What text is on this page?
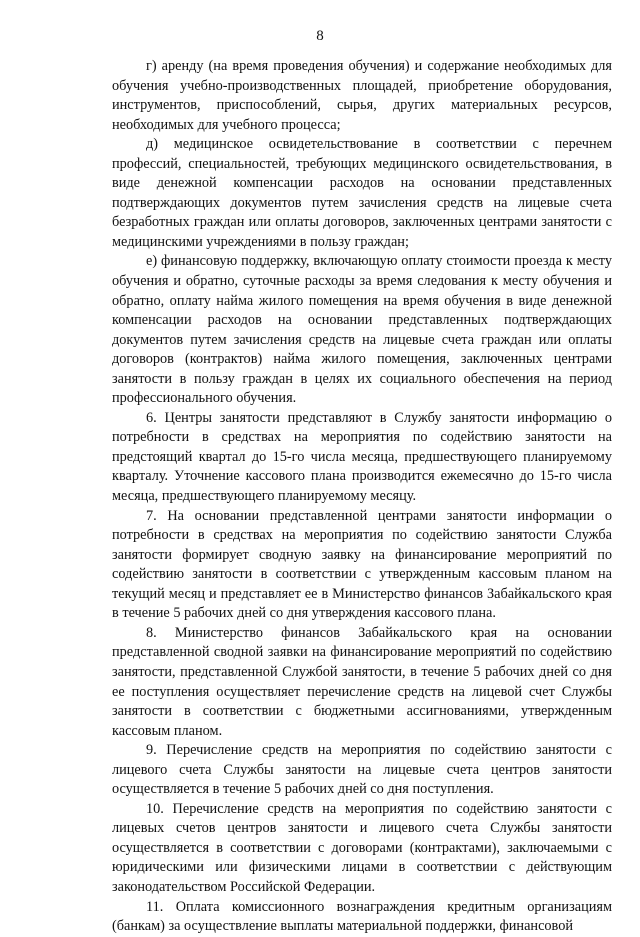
8

г) аренду (на время проведения обучения) и содержание необходимых для обучения учебно-производственных площадей, приобретение оборудования, инструментов, приспособлений, сырья, других материальных ресурсов, необходимых для учебного процесса;

д) медицинское освидетельствование в соответствии с перечнем профессий, специальностей, требующих медицинского освидетельствования, в виде денежной компенсации расходов на основании представленных подтверждающих документов путем зачисления средств на лицевые счета безработных граждан или оплаты договоров, заключенных центрами занятости с медицинскими учреждениями в пользу граждан;

е) финансовую поддержку, включающую оплату стоимости проезда к месту обучения и обратно, суточные расходы за время следования к месту обучения и обратно, оплату найма жилого помещения на время обучения в виде денежной компенсации расходов на основании представленных подтверждающих документов путем зачисления средств на лицевые счета граждан или оплаты договоров (контрактов) найма жилого помещения, заключенных центрами занятости в пользу граждан в целях их социального обеспечения на период профессионального обучения.

6. Центры занятости представляют в Службу занятости информацию о потребности в средствах на мероприятия по содействию занятости на предстоящий квартал до 15-го числа месяца, предшествующего планируемому кварталу. Уточнение кассового плана производится ежемесячно до 15-го числа месяца, предшествующего планируемому месяцу.

7. На основании представленной центрами занятости информации о потребности в средствах на мероприятия по содействию занятости Служба занятости формирует сводную заявку на финансирование мероприятий по содействию занятости в соответствии с утвержденным кассовым планом на текущий месяц и представляет ее в Министерство финансов Забайкальского края в течение 5 рабочих дней со дня утверждения кассового плана.

8. Министерство финансов Забайкальского края на основании представленной сводной заявки на финансирование мероприятий по содействию занятости, представленной Службой занятости, в течение 5 рабочих дней со дня ее поступления осуществляет перечисление средств на лицевой счет Службы занятости в соответствии с бюджетными ассигнованиями, утвержденным кассовым планом.

9. Перечисление средств на мероприятия по содействию занятости с лицевого счета Службы занятости на лицевые счета центров занятости осуществляется в течение 5 рабочих дней со дня поступления.

10. Перечисление средств на мероприятия по содействию занятости с лицевых счетов центров занятости и лицевого счета Службы занятости осуществляется в соответствии с договорами (контрактами), заключаемыми с юридическими или физическими лицами в соответствии с действующим законодательством Российской Федерации.

11. Оплата комиссионного вознаграждения кредитным организациям (банкам) за осуществление выплаты материальной поддержки, финансовой
